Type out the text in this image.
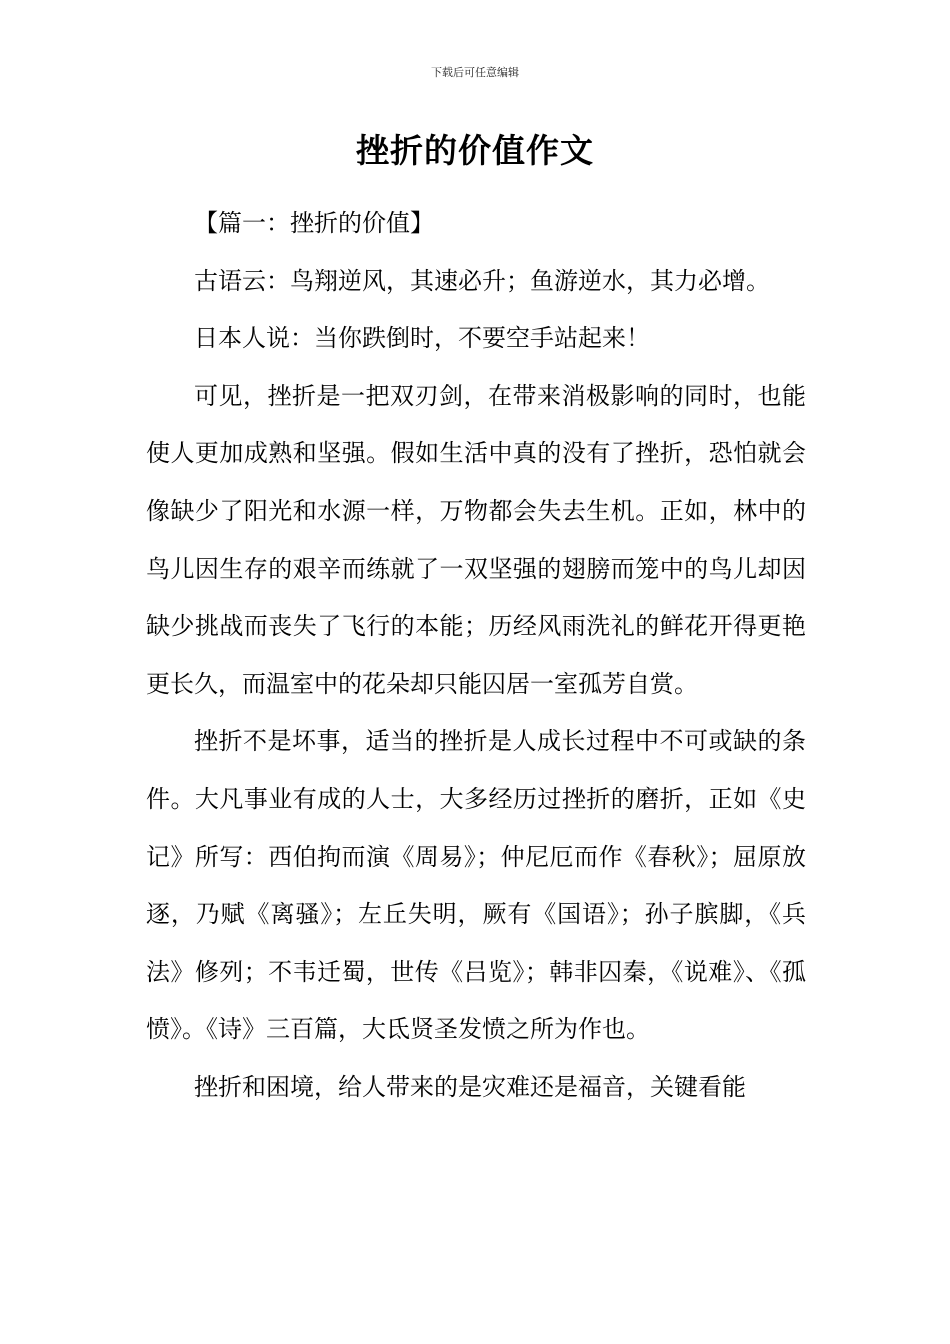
下载后可任意编辑
挫折的价值作文

【篇一：挫折的价值】

古语云：鸟翔逆风，其速必升；鱼游逆水，其力必增。

日本人说：当你跌倒时，不要空手站起来！

可见，挫折是一把双刃剑，在带来消极影响的同时，也能使人更加成熟和坚强。假如生活中真的没有了挫折，恐怕就会像缺少了阳光和水源一样，万物都会失去生机。正如，林中的鸟儿因生存的艰辛而练就了一双坚强的翅膀而笼中的鸟儿却因缺少挑战而丧失了飞行的本能；历经风雨洗礼的鲜花开得更艳更长久，而温室中的花朵却只能囚居一室孤芳自赏。

挫折不是坏事，适当的挫折是人成长过程中不可或缺的条件。大凡事业有成的人士，大多经历过挫折的磨折，正如《史记》所写：西伯拘而演《周易》；仲尼厄而作《春秋》；屈原放逐，乃赋《离骚》；左丘失明，厥有《国语》；孙子膑脚，《兵法》修列；不韦迁蜀，世传《吕览》；韩非囚秦，《说难》、《孤愤》。《诗》三百篇，大氐贤圣发愤之所为作也。

挫折和困境，给人带来的是灾难还是福音，关键看能
